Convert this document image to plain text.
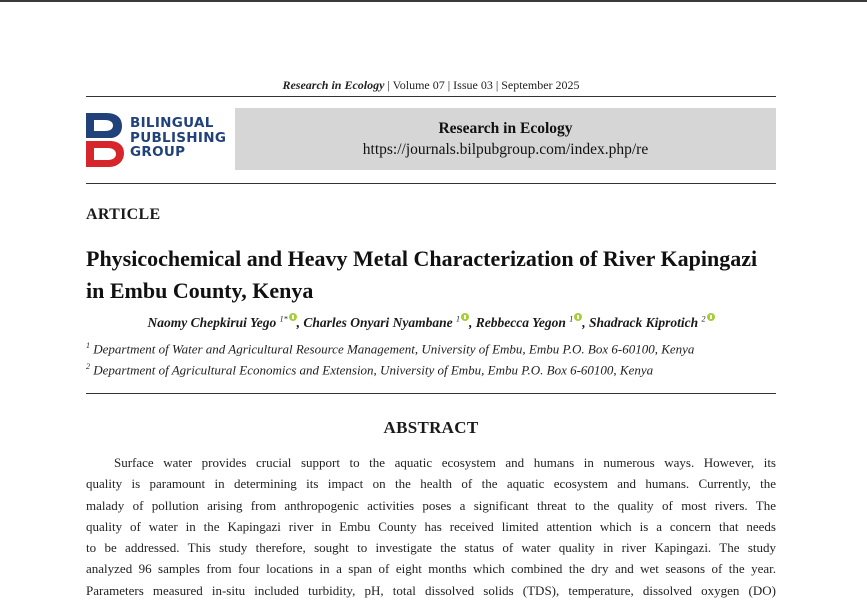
Research in Ecology | Volume 07 | Issue 03 | September 2025
BILINGUAL
PUBLISHING
GROUP
Research in Ecology
https://journals.bilpubgroup.com/index.php/re
ARTICLE
Physicochemical and Heavy Metal Characterization of River Kapingazi
in Embu County, Kenya
Naomy Chepkirui Yego $^{1*}$ , Charles Onyari Nyambane $^1$ , Rebbecca Yegon $^1$ , Shadrack Kiprotich $^2$
$^1$ Department of Water and Agricultural Resource Management, University of Embu, Embu P.O. Box 6-60100, Kenya
$^2$ Department of Agricultural Economics and Extension, University of Embu, Embu P.O. Box 6-60100, Kenya
ABSTRACT
Surface water provides crucial support to the aquatic ecosystem and humans in numerous ways. However, its
quality is paramount in determining its impact on the health of the aquatic ecosystem and humans. Currently, the
malady of pollution arising from anthropogenic activities poses a significant threat to the quality of most rivers. The
quality of water in the Kapingazi river in Embu County has received limited attention which is a concern that needs
to be addressed. This study therefore, sought to investigate the status of water quality in river Kapingazi. The study
analyzed 96 samples from four locations in a span of eight months which combined the dry and wet seasons of the year.
Parameters measured in-situ included turbidity, pH, total dissolved solids (TDS), temperature, dissolved oxygen (DO)
